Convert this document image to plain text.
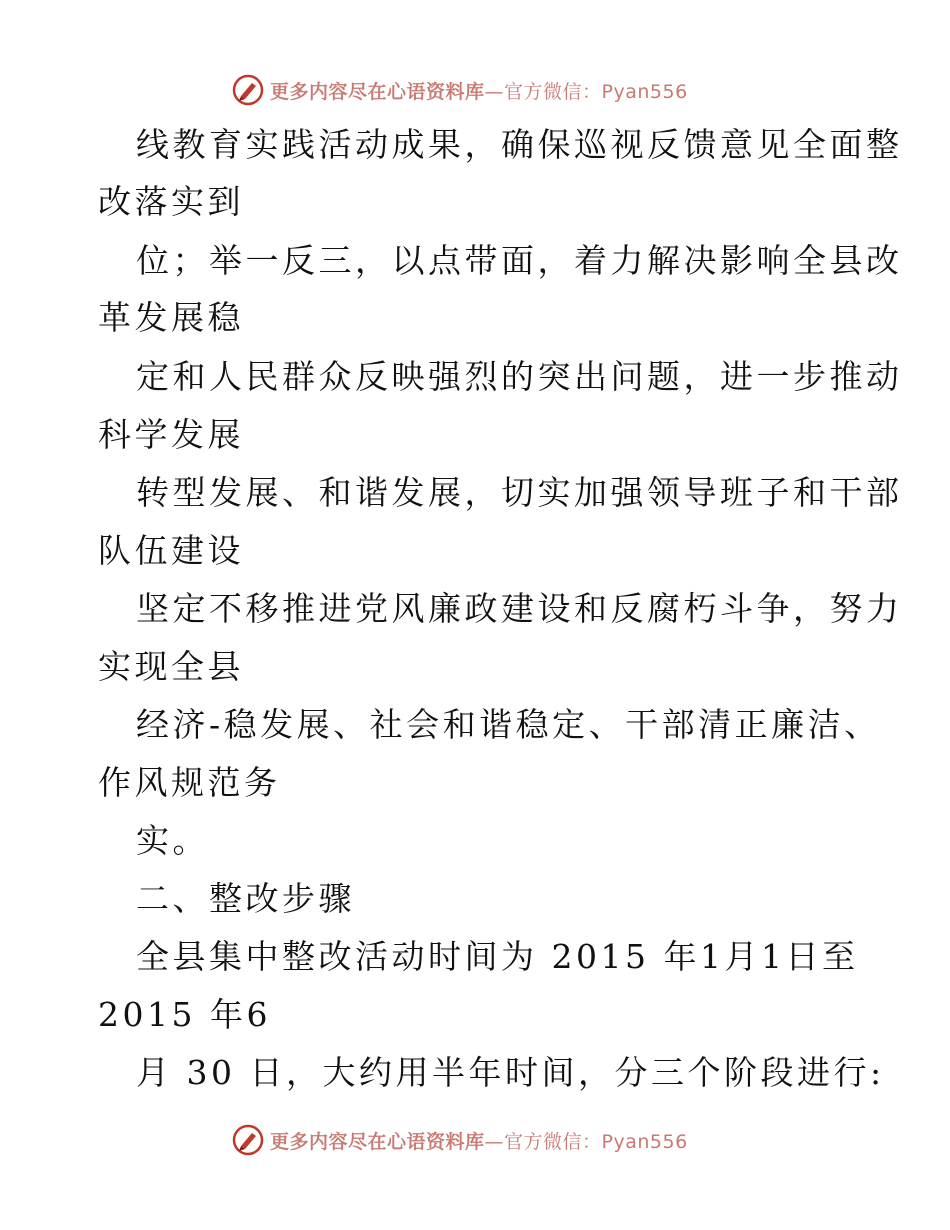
更多内容尽在心语资料库—官方微信：Pyan556
线教育实践活动成果，确保巡视反馈意见全面整
改落实到
位；举一反三，以点带面，着力解决影响全县改
革发展稳
定和人民群众反映强烈的突出问题，进一步推动
科学发展
转型发展、和谐发展，切实加强领导班子和干部
队伍建设
坚定不移推进党风廉政建设和反腐朽斗争，努力
实现全县
经济-稳发展、社会和谐稳定、干部清正廉洁、
作风规范务
实。
二、整改步骤
全县集中整改活动时间为 2015 年1月1日至
2015 年6
月 30 日，大约用半年时间，分三个阶段进行:
更多内容尽在心语资料库—官方微信：Pyan556
